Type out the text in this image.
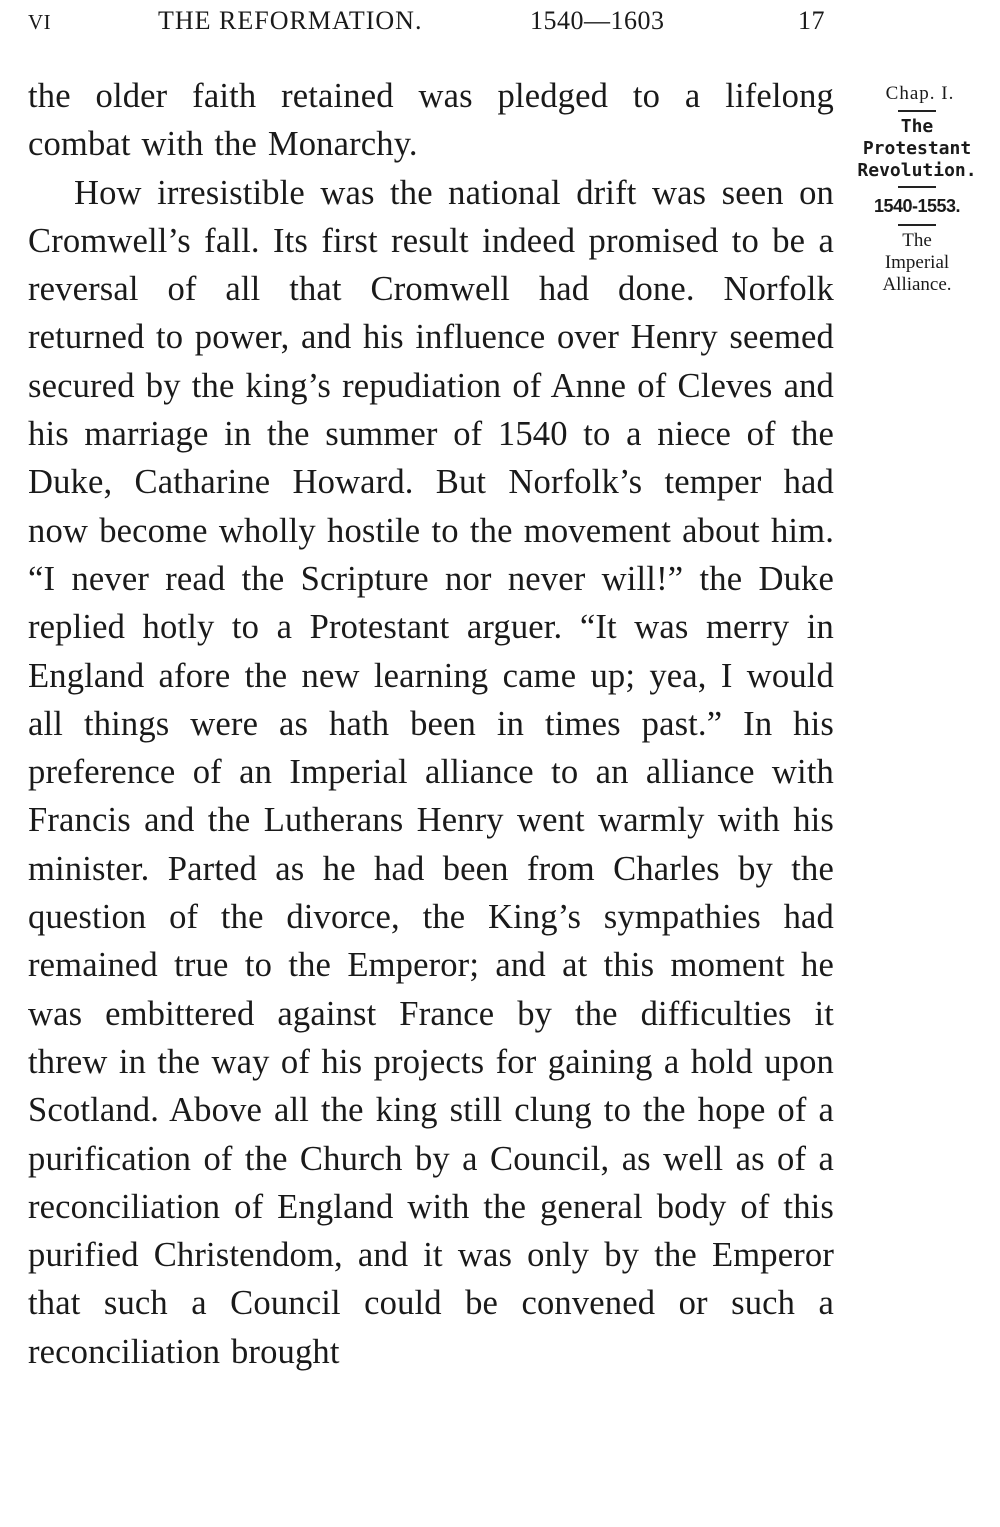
VI	THE REFORMATION.	1540—1603	17

the older faith retained was pledged to a lifelong combat with the Monarchy.

How irresistible was the national drift was seen on Cromwell’s fall. Its first result indeed promised to be a reversal of all that Cromwell had done. Norfolk returned to power, and his influence over Henry seemed secured by the king’s repudiation of Anne of Cleves and his marriage in the summer of 1540 to a niece of the Duke, Catharine Howard. But Norfolk’s temper had now become wholly hostile to the movement about him. “I never read the Scripture nor never will!” the Duke replied hotly to a Protestant arguer. “It was merry in England afore the new learning came up; yea, I would all things were as hath been in times past.” In his preference of an Imperial alliance to an alliance with Francis and the Lutherans Henry went warmly with his minister. Parted as he had been from Charles by the question of the divorce, the King’s sympathies had remained true to the Emperor; and at this moment he was embittered against France by the difficulties it threw in the way of his projects for gaining a hold upon Scotland. Above all the king still clung to the hope of a purification of the Church by a Council, as well as of a reconciliation of England with the general body of this purified Christendom, and it was only by the Emperor that such a Council could be convened or such a reconciliation brought

Chap. I.
The
Protestant
Revolution.
1540-1553.
The
Imperial
Alliance.
